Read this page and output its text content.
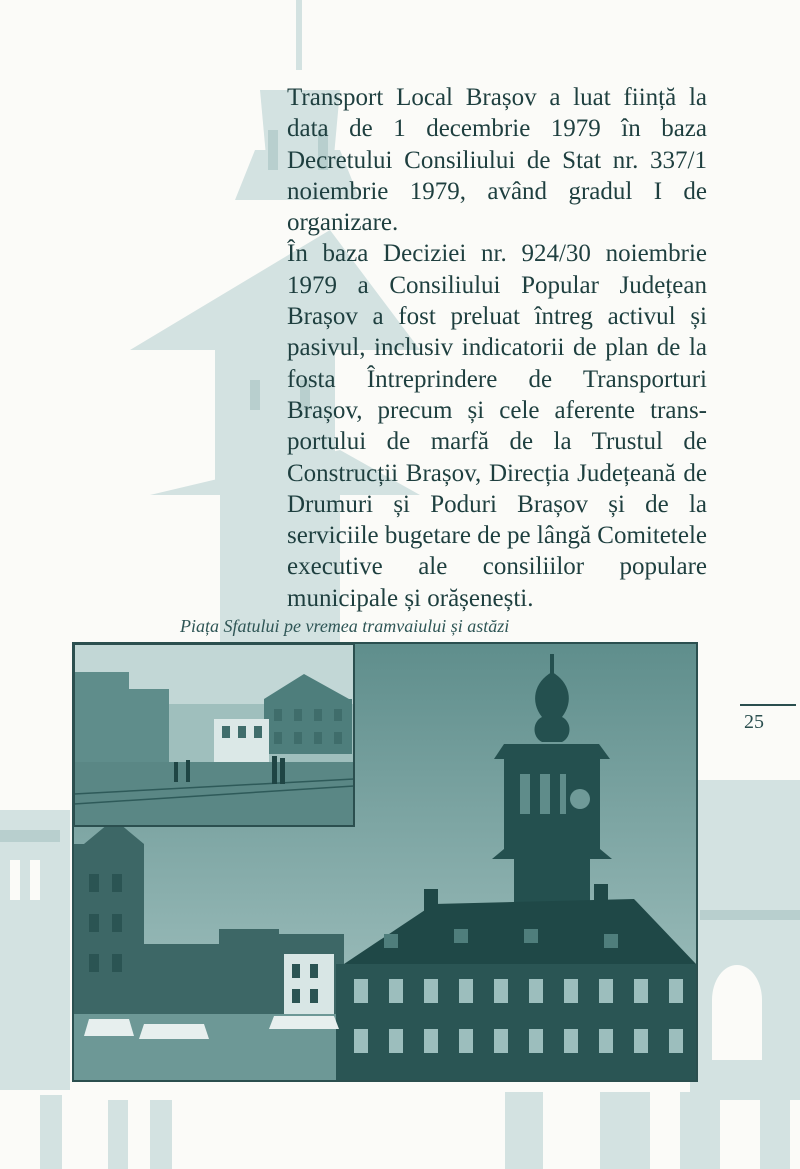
Transport Local Brașov a luat ființă la data de 1 decembrie 1979 în baza Decretului Consiliului de Stat nr. 337/1 noiembrie 1979, având gradul I de organizare.

În baza Deciziei nr. 924/30 noiembrie 1979 a Consiliului Popular Județean Brașov a fost preluat întreg activul și pasivul, inclusiv indicatorii de plan de la fosta Întreprindere de Transporturi Brașov, precum și cele aferente transportului de marfă de la Trustul de Construcții Brașov, Direcția Județeană de Drumuri și Poduri Brașov și de la serviciile bugetare de pe lângă Comitetele executive ale consiliilor populare municipale și orășenești.

Piața Sfatului pe vremea tramvaiului și astăzi
25
